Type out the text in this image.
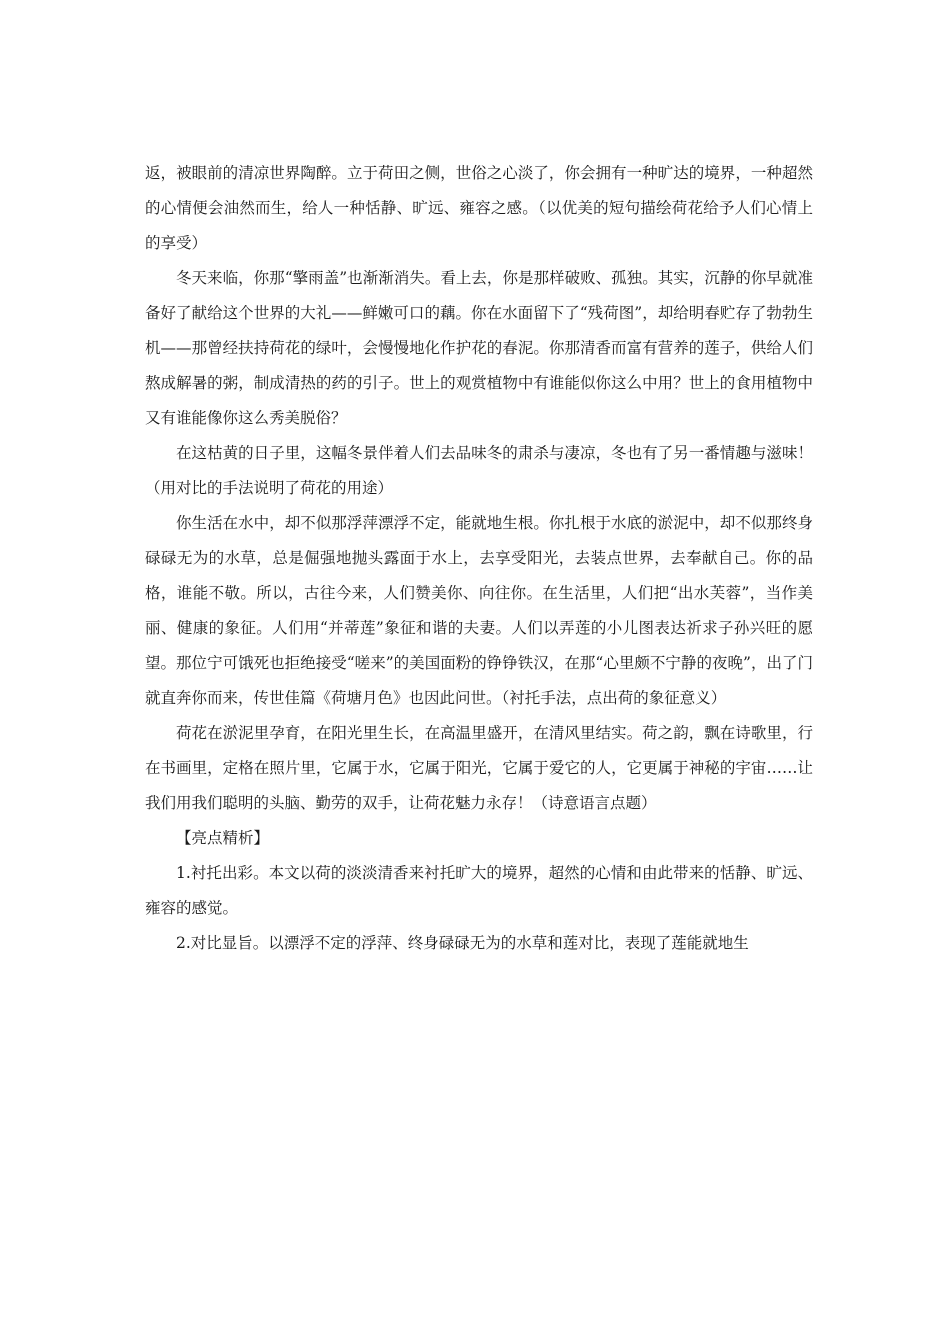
返，被眼前的清凉世界陶醉。立于荷田之侧，世俗之心淡了，你会拥有一种旷达的境界，一种超然的心情便会油然而生，给人一种恬静、旷远、雍容之感。（以优美的短句描绘荷花给予人们心情上的享受）

冬天来临，你那“擎雨盖”也渐渐消失。看上去，你是那样破败、孤独。其实，沉静的你早就准备好了献给这个世界的大礼——鲜嫩可口的藕。你在水面留下了“残荷图”，却给明春贮存了勃勃生机——那曾经扶持荷花的绿叶，会慢慢地化作护花的春泥。你那清香而富有营养的莲子，供给人们熬成解暑的粥，制成清热的药的引子。世上的观赏植物中有谁能似你这么中用？世上的食用植物中又有谁能像你这么秀美脱俗？

在这枯黄的日子里，这幅冬景伴着人们去品味冬的肃杀与凄凉，冬也有了另一番情趣与滋味！（用对比的手法说明了荷花的用途）

你生活在水中，却不似那浮萍漂浮不定，能就地生根。你扎根于水底的淤泥中，却不似那终身碌碌无为的水草，总是倔强地抛头露面于水上，去享受阳光，去装点世界，去奉献自己。你的品格，谁能不敬。所以，古往今来，人们赞美你、向往你。在生活里，人们把“出水芙蓉”，当作美丽、健康的象征。人们用“并蒂莲”象征和谐的夫妻。人们以弄莲的小儿图表达祈求子孙兴旺的愿望。那位宁可饿死也拒绝接受“嗟来”的美国面粉的铮铮铁汉，在那“心里颇不宁静的夜晚”，出了门就直奔你而来，传世佳篇《荷塘月色》也因此问世。（衬托手法，点出荷的象征意义）

荷花在淤泥里孕育，在阳光里生长，在高温里盛开，在清风里结实。荷之韵，飘在诗歌里，行在书画里，定格在照片里，它属于水，它属于阳光，它属于爱它的人，它更属于神秘的宇宙……让我们用我们聪明的头脑、勤劳的双手，让荷花魅力永存！（诗意语言点题）

【亮点精析】

1.衬托出彩。本文以荷的淡淡清香来衬托旷大的境界，超然的心情和由此带来的恬静、旷远、雍容的感觉。

2.对比显旨。以漂浮不定的浮萍、终身碌碌无为的水草和莲对比，表现了莲能就地生
